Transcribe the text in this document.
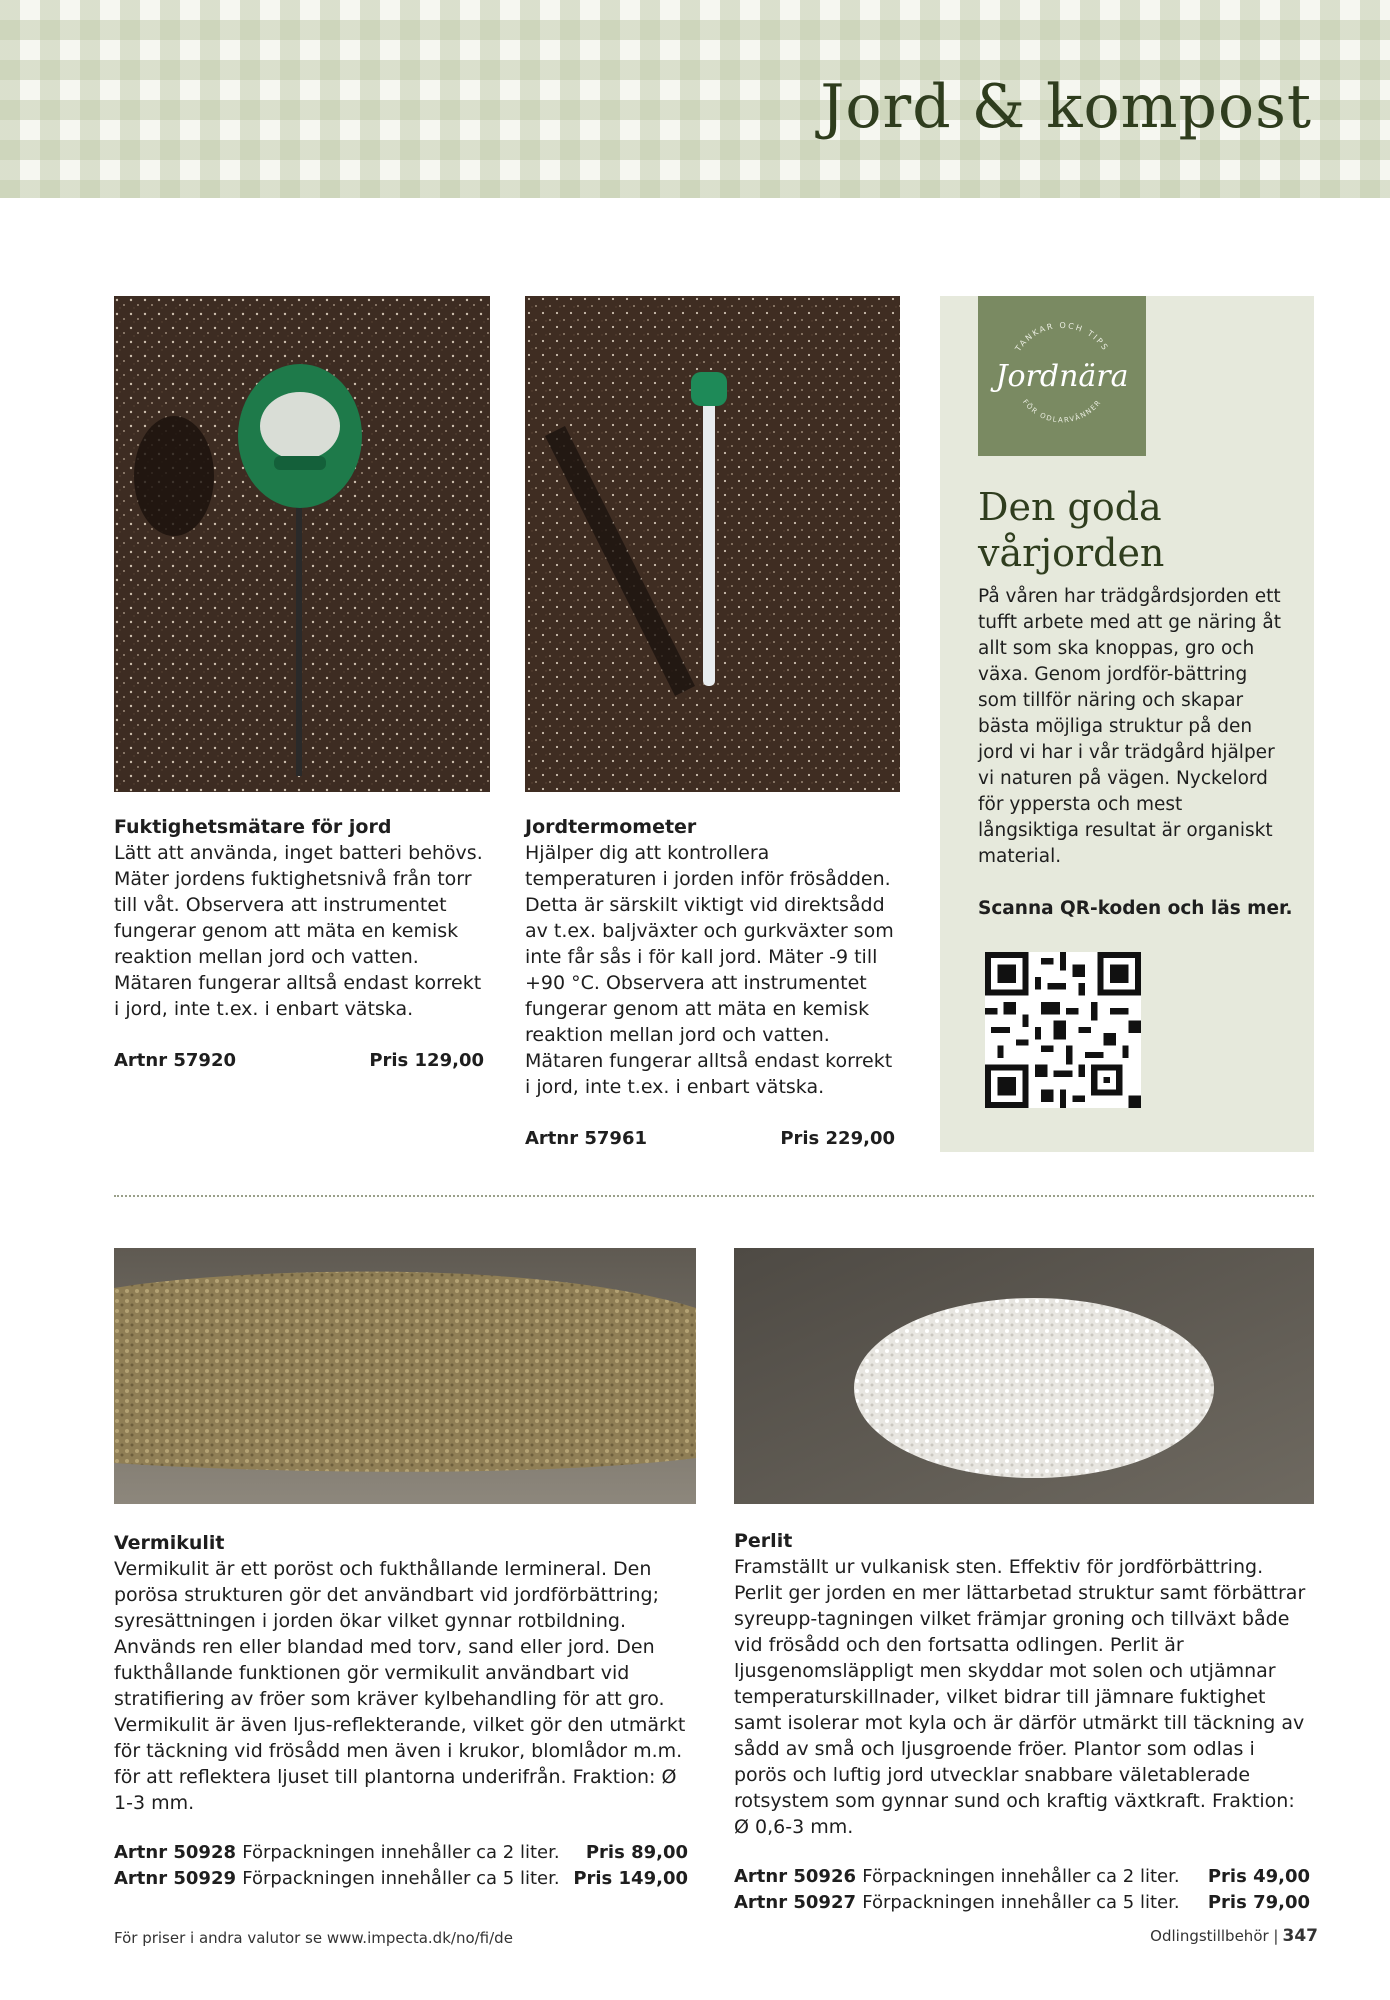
Jord & kompost
Fuktighetsmätare för jord

Lätt att använda, inget batteri behövs. Mäter jordens fuktighetsnivå från torr till våt. Observera att instrumentet fungerar genom att mäta en kemisk reaktion mellan jord och vatten. Mätaren fungerar alltså endast korrekt i jord, inte t.ex. i enbart vätska.

Artnr 57920	Pris 129,00
Jordtermometer

Hjälper dig att kontrollera temperaturen i jorden inför frösådden. Detta är särskilt viktigt vid direktsådd av t.ex. baljväxter och gurkväxter som inte får sås i för kall jord. Mäter -9 till +90 °C. Observera att instrumentet fungerar genom att mäta en kemisk reaktion mellan jord och vatten. Mätaren fungerar alltså endast korrekt i jord, inte t.ex. i enbart vätska.

Artnr 57961	Pris 229,00
TANKAR OCH TIPS
Jordnära
FÖR ODLARVÄNNER
Den goda vårjorden
På våren har trädgårdsjorden ett tufft arbete med att ge näring åt allt som ska knoppas, gro och växa. Genom jordför-bättring som tillför näring och skapar bästa möjliga struktur på den jord vi har i vår trädgård hjälper vi naturen på vägen. Nyckelord för yppersta och mest långsiktiga resultat är organiskt material.
Scanna QR-koden och läs mer.
Vermikulit

Vermikulit är ett poröst och fukthållande lermineral. Den porösa strukturen gör det användbart vid jordförbättring; syresättningen i jorden ökar vilket gynnar rotbildning. Används ren eller blandad med torv, sand eller jord. Den fukthållande funktionen gör vermikulit användbart vid stratifiering av fröer som kräver kylbehandling för att gro. Vermikulit är även ljus-reflekterande, vilket gör den utmärkt för täckning vid frösådd men även i krukor, blomlådor m.m. för att reflektera ljuset till plantorna underifrån. Fraktion: Ø 1-3 mm.

Artnr 50928 Förpackningen innehåller ca 2 liter. Pris 89,00
Artnr 50929 Förpackningen innehåller ca 5 liter. Pris 149,00
Perlit

Framställt ur vulkanisk sten. Effektiv för jordförbättring. Perlit ger jorden en mer lättarbetad struktur samt förbättrar syreupp-tagningen vilket främjar groning och tillväxt både vid frösådd och den fortsatta odlingen. Perlit är ljusgenomsläppligt men skyddar mot solen och utjämnar temperaturskillnader, vilket bidrar till jämnare fuktighet samt isolerar mot kyla och är därför utmärkt till täckning av sådd av små och ljusgroende fröer. Plantor som odlas i porös och luftig jord utvecklar snabbare väletablerade rotsystem som gynnar sund och kraftig växtkraft. Fraktion: Ø 0,6-3 mm.

Artnr 50926 Förpackningen innehåller ca 2 liter. Pris 49,00
Artnr 50927 Förpackningen innehåller ca 5 liter. Pris 79,00
För priser i andra valutor se www.impecta.dk/no/fi/de	Odlingstillbehör | 347
